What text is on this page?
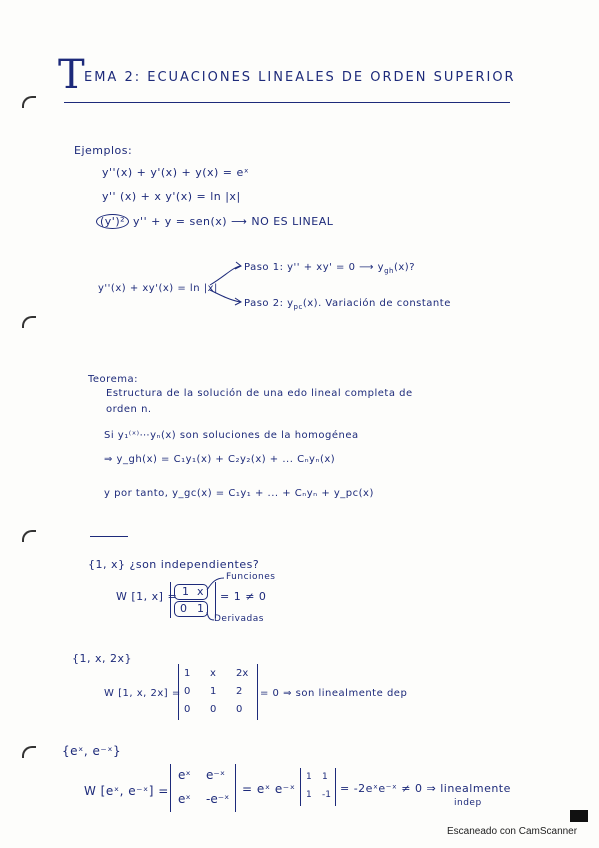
T EMA 2: ECUACIONES LINEALES DE ORDEN SUPERIOR
Ejemplos:
y''(x) + y'(x) + y(x) = eˣ
y'' (x) + x y'(x) = ln |x|
(y')² y'' + y = sen(x) ⟶ NO ES LINEAL
y''(x) + xy'(x) = ln |x|
Paso 1: y'' + xy' = 0 ⟶ $y_{gh}(x)$?
Paso 2: $y_{pc}(x)$. Variación de constante
Teorema:
Estructura de la solución de una edo lineal completa de
orden n.
Si y₁⁽ˣ⁾⋯yₙ(x) son soluciones de la homogénea
⇒ y_gh(x) = C₁y₁(x) + C₂y₂(x) + ... Cₙyₙ(x)
y por tanto, y_gc(x) = C₁y₁ + ... + Cₙyₙ + y_pc(x)
{1, x} ¿son independientes?
W [1, x] = 1 x
0 1
= 1 ≠ 0
Funciones
Derivadas
{1, x, 2x}
W [1, x, 2x] =
1 x 2x
0 1 2
0 0 0
= 0 ⇒ son linealmente dep
{eˣ, e⁻ˣ}
W [eˣ, e⁻ˣ] =
eˣ e⁻ˣ
eˣ -e⁻ˣ
= eˣ e⁻ˣ
1 1
1 -1 = -2eˣe⁻ˣ ≠ 0 ⇒ linealmente
indep
Escaneado con CamScanner
